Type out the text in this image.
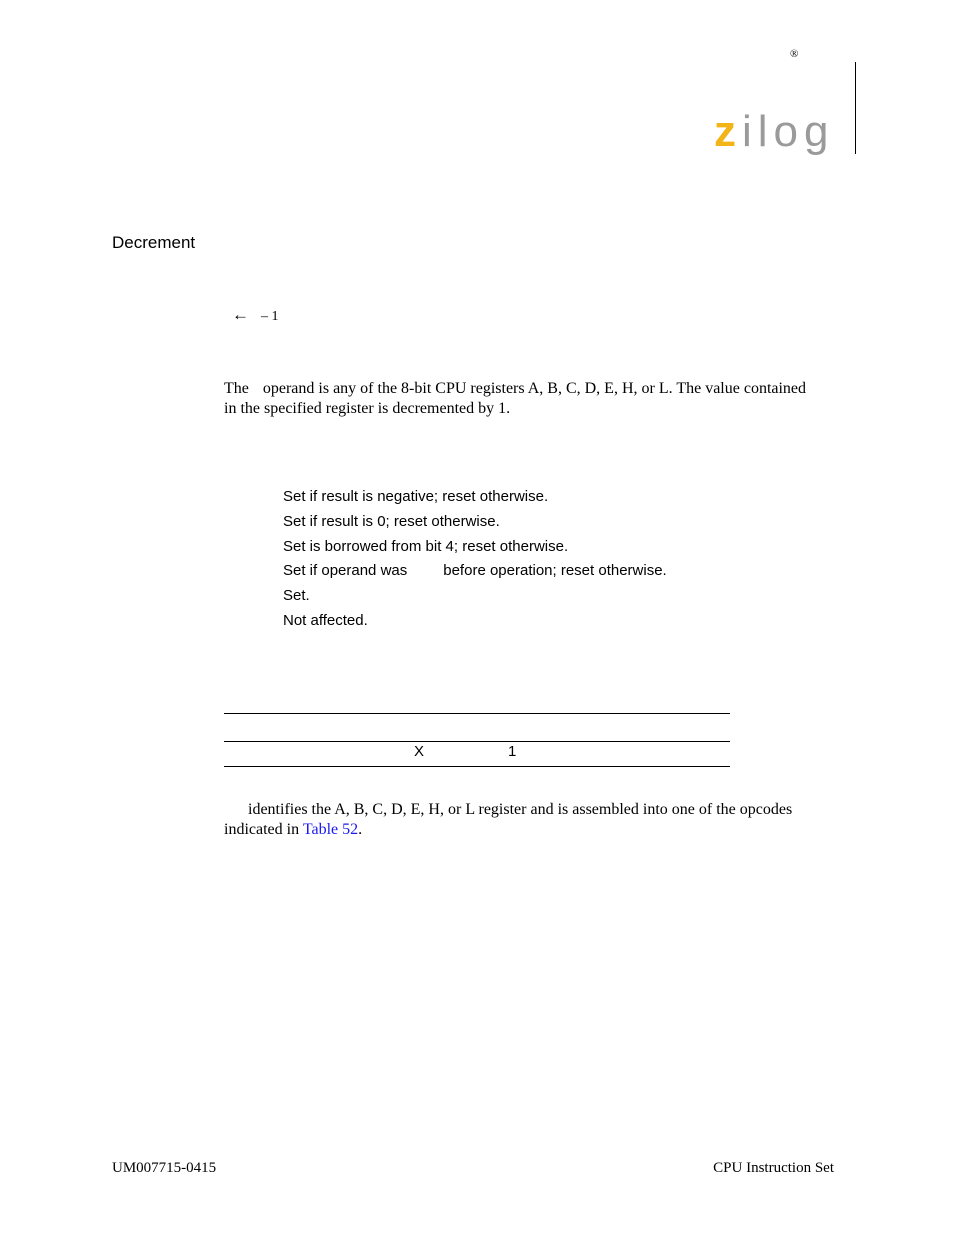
®
z ilog
Decrement
← – 1
The operand is any of the 8-bit CPU registers A, B, C, D, E, H, or L. The value contained
in the specified register is decremented by 1.
Set if result is negative; reset otherwise.
Set if result is 0; reset otherwise.
Set is borrowed from bit 4; reset otherwise.
Set if operand was before operation; reset otherwise.
Set.
Not affected.
X	1
identifies the A, B, C, D, E, H, or L register and is assembled into one of the opcodes
indicated in Table 52.
UM007715-0415	CPU Instruction Set
